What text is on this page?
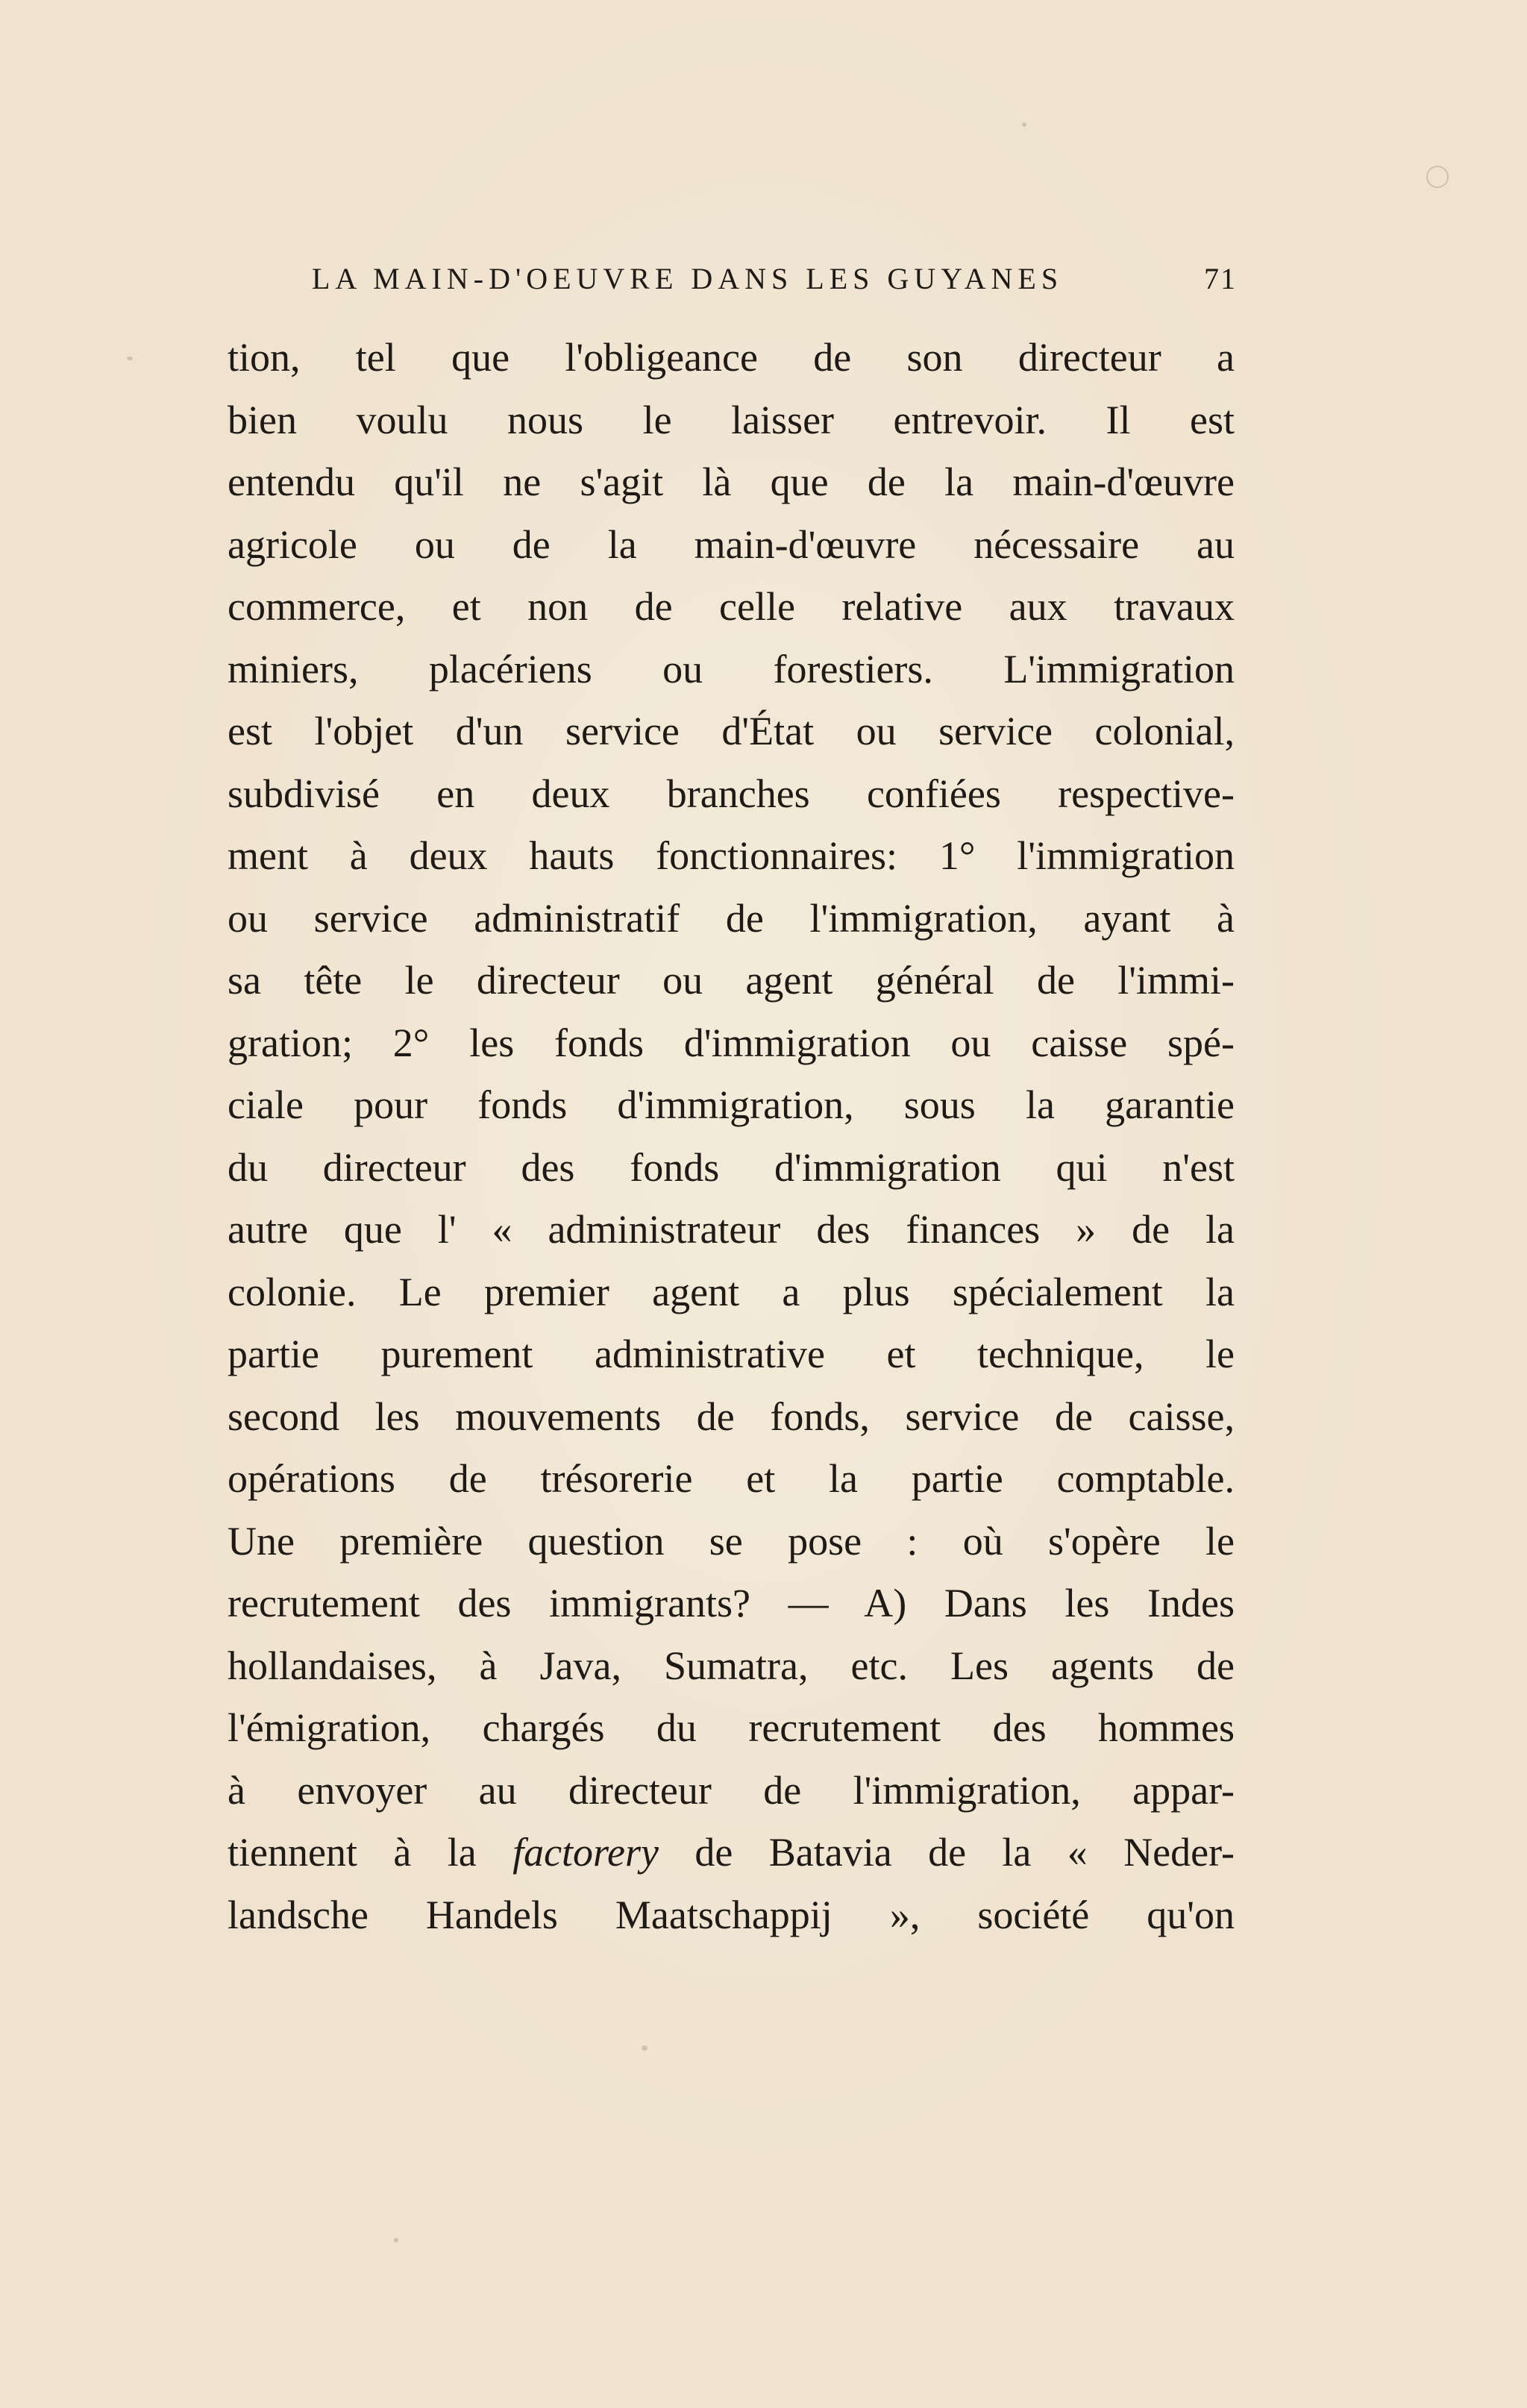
LA MAIN-D'OEUVRE DANS LES GUYANES	71
tion, tel que l'obligeance de son directeur a
bien voulu nous le laisser entrevoir. Il est
entendu qu'il ne s'agit là que de la main-d'œuvre
agricole ou de la main-d'œuvre nécessaire au
commerce, et non de celle relative aux travaux
miniers, placériens ou forestiers. L'immigration
est l'objet d'un service d'État ou service colonial,
subdivisé en deux branches confiées respective-
ment à deux hauts fonctionnaires: 1° l'immigration
ou service administratif de l'immigration, ayant à
sa tête le directeur ou agent général de l'immi-
gration; 2° les fonds d'immigration ou caisse spé-
ciale pour fonds d'immigration, sous la garantie
du directeur des fonds d'immigration qui n'est
autre que l' « administrateur des finances » de la
colonie. Le premier agent a plus spécialement la
partie purement administrative et technique, le
second les mouvements de fonds, service de caisse,
opérations de trésorerie et la partie comptable.
Une première question se pose : où s'opère le
recrutement des immigrants? — A) Dans les Indes
hollandaises, à Java, Sumatra, etc. Les agents de
l'émigration, chargés du recrutement des hommes
à envoyer au directeur de l'immigration, appar-
tiennent à la factorery de Batavia de la « Neder-
landsche Handels Maatschappij », société qu'on
